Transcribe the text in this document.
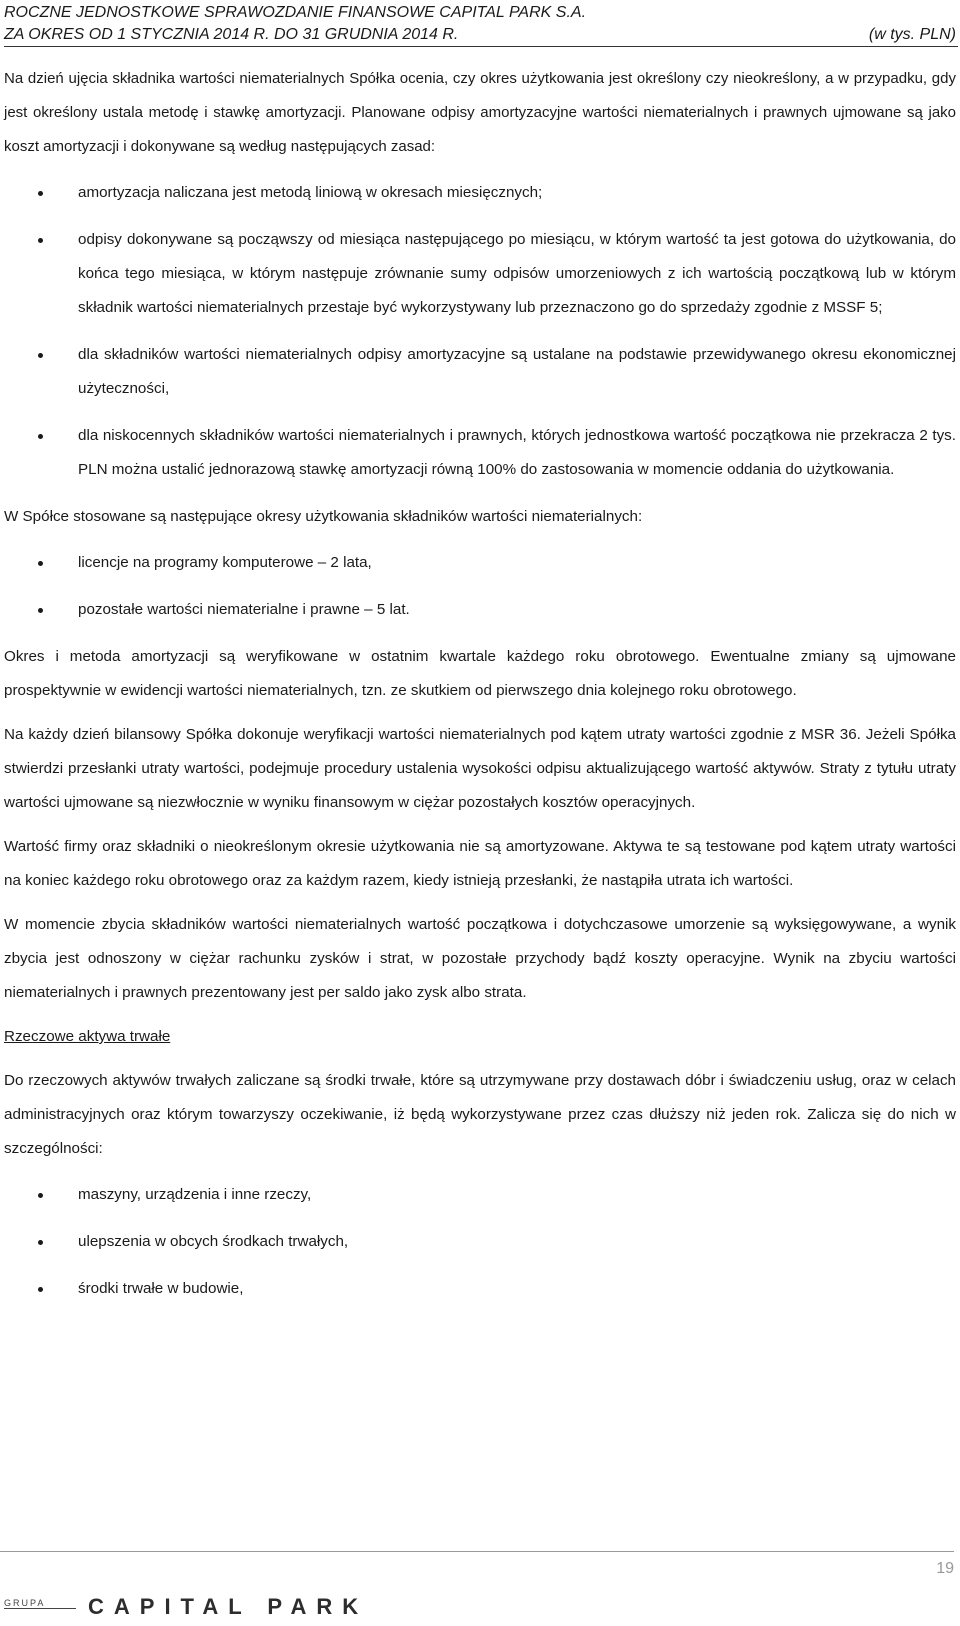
ROCZNE JEDNOSTKOWE SPRAWOZDANIE FINANSOWE CAPITAL PARK S.A.
ZA OKRES OD 1 STYCZNIA 2014 R. DO 31 GRUDNIA 2014 R.	(w tys. PLN)

Na dzień ujęcia składnika wartości niematerialnych Spółka ocenia, czy okres użytkowania jest określony czy nieokreślony, a w przypadku, gdy jest określony ustala metodę i stawkę amortyzacji. Planowane odpisy amortyzacyjne wartości niematerialnych i prawnych ujmowane są jako koszt amortyzacji i dokonywane są według następujących zasad:

amortyzacja naliczana jest metodą liniową w okresach miesięcznych;
odpisy dokonywane są począwszy od miesiąca następującego po miesiącu, w którym wartość ta jest gotowa do użytkowania, do końca tego miesiąca, w którym następuje zrównanie sumy odpisów umorzeniowych z ich wartością początkową lub w którym składnik wartości niematerialnych przestaje być wykorzystywany lub przeznaczono go do sprzedaży zgodnie z MSSF 5;
dla składników wartości niematerialnych odpisy amortyzacyjne są ustalane na podstawie przewidywanego okresu ekonomicznej użyteczności,
dla niskocennych składników wartości niematerialnych i prawnych, których jednostkowa wartość początkowa nie przekracza 2 tys. PLN można ustalić jednorazową stawkę amortyzacji równą 100% do zastosowania w momencie oddania do użytkowania.

W Spółce stosowane są następujące okresy użytkowania składników wartości niematerialnych:

licencje na programy komputerowe – 2 lata,
pozostałe wartości niematerialne i prawne – 5 lat.

Okres i metoda amortyzacji są weryfikowane w ostatnim kwartale każdego roku obrotowego. Ewentualne zmiany są ujmowane prospektywnie w ewidencji wartości niematerialnych, tzn. ze skutkiem od pierwszego dnia kolejnego roku obrotowego.

Na każdy dzień bilansowy Spółka dokonuje weryfikacji wartości niematerialnych pod kątem utraty wartości zgodnie z MSR 36. Jeżeli Spółka stwierdzi przesłanki utraty wartości, podejmuje procedury ustalenia wysokości odpisu aktualizującego wartość aktywów. Straty z tytułu utraty wartości ujmowane są niezwłocznie w wyniku finansowym w ciężar pozostałych kosztów operacyjnych.

Wartość firmy oraz składniki o nieokreślonym okresie użytkowania nie są amortyzowane. Aktywa te są testowane pod kątem utraty wartości na koniec każdego roku obrotowego oraz za każdym razem, kiedy istnieją przesłanki, że nastąpiła utrata ich wartości.

W momencie zbycia składników wartości niematerialnych wartość początkowa i dotychczasowe umorzenie są wyksięgowywane, a wynik zbycia jest odnoszony w ciężar rachunku zysków i strat, w pozostałe przychody bądź koszty operacyjne. Wynik na zbyciu wartości niematerialnych i prawnych prezentowany jest per saldo jako zysk albo strata.

Rzeczowe aktywa trwałe

Do rzeczowych aktywów trwałych zaliczane są środki trwałe, które są utrzymywane przy dostawach dóbr i świadczeniu usług, oraz w celach administracyjnych oraz którym towarzyszy oczekiwanie, iż będą wykorzystywane przez czas dłuższy niż jeden rok. Zalicza się do nich w szczególności:

maszyny, urządzenia i inne rzeczy,
ulepszenia w obcych środkach trwałych,
środki trwałe w budowie,
19
GRUPA CAPITAL PARK
